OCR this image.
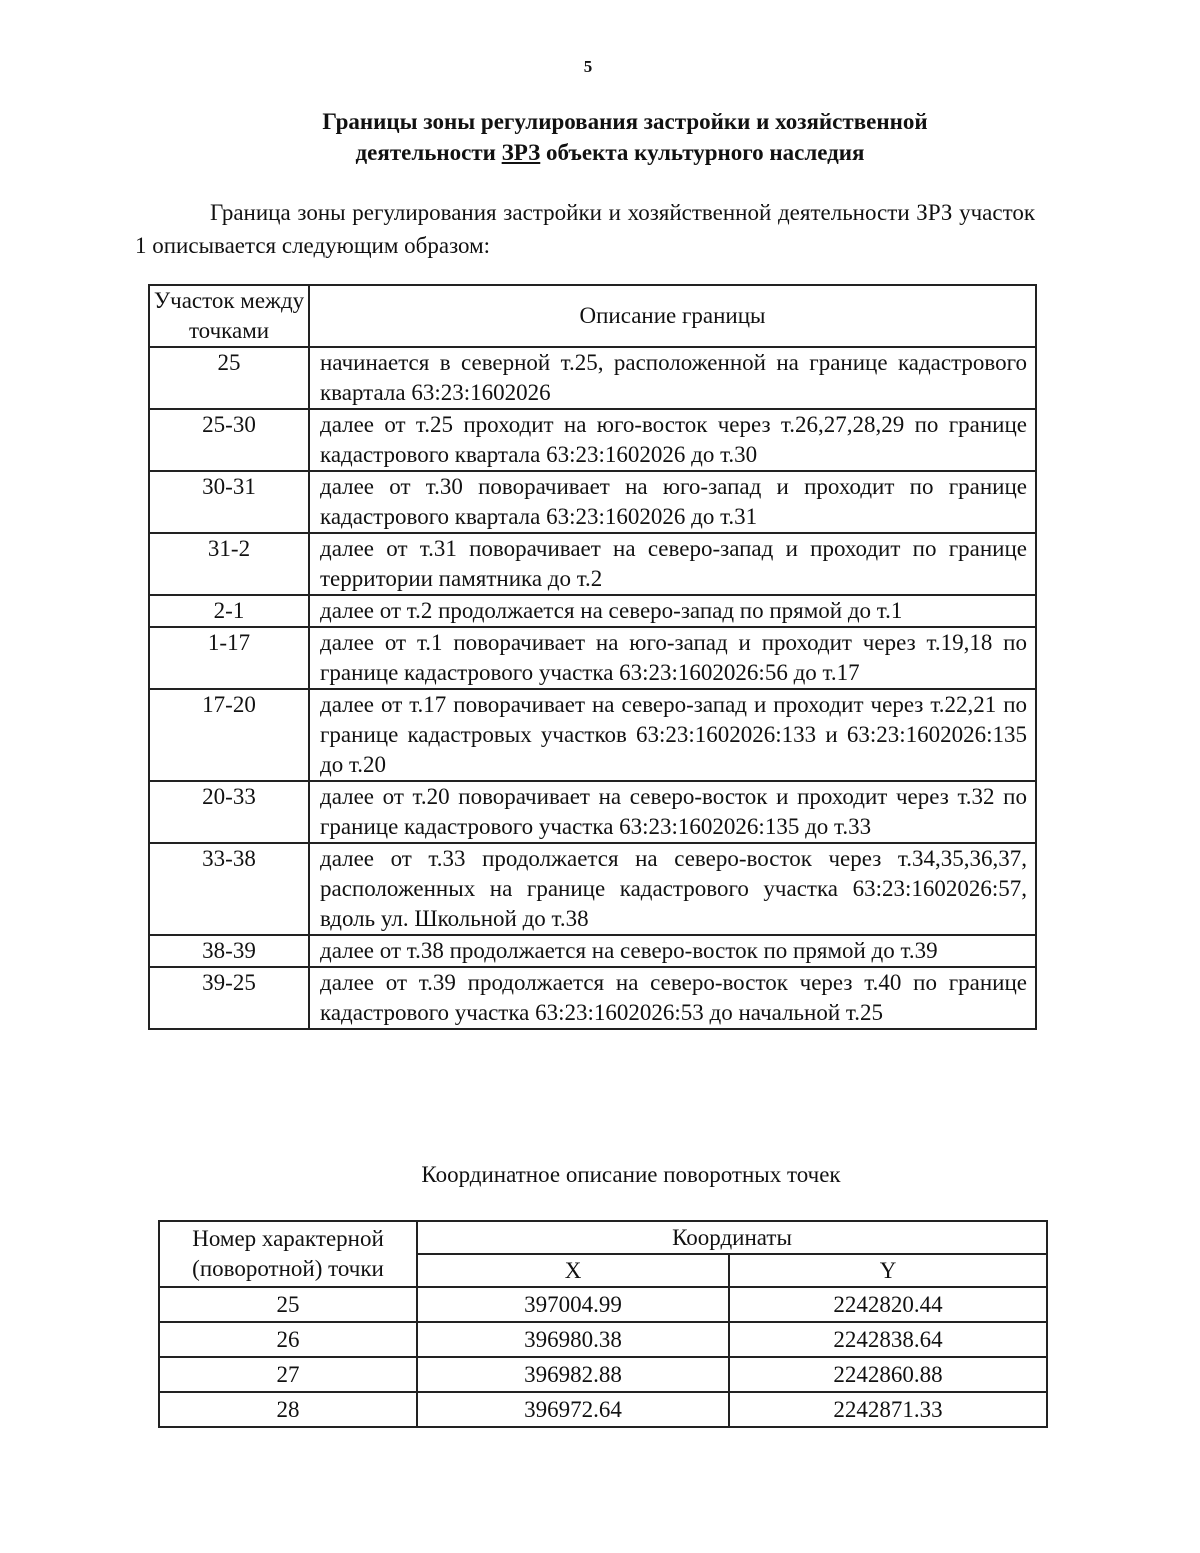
5
Границы зоны регулирования застройки и хозяйственной
деятельности ЗРЗ объекта культурного наследия
Граница зоны регулирования застройки и хозяйственной деятельности ЗРЗ участок 1 описывается следующим образом:
Участок между точками	Описание границы
25	начинается в северной т.25, расположенной на границе кадастрового квартала 63:23:1602026
25-30	далее от т.25 проходит на юго-восток через т.26,27,28,29 по границе кадастрового квартала 63:23:1602026 до т.30
30-31	далее от т.30 поворачивает на юго-запад и проходит по границе кадастрового квартала 63:23:1602026 до т.31
31-2	далее от т.31 поворачивает на северо-запад и проходит по границе территории памятника до т.2
2-1	далее от т.2 продолжается на северо-запад по прямой до т.1
1-17	далее от т.1 поворачивает на юго-запад и проходит через т.19,18 по границе кадастрового участка 63:23:1602026:56 до т.17
17-20	далее от т.17 поворачивает на северо-запад и проходит через т.22,21 по границе кадастровых участков 63:23:1602026:133 и 63:23:1602026:135 до т.20
20-33	далее от т.20 поворачивает на северо-восток и проходит через т.32 по границе кадастрового участка 63:23:1602026:135 до т.33
33-38	далее от т.33 продолжается на северо-восток через т.34,35,36,37, расположенных на границе кадастрового участка 63:23:1602026:57, вдоль ул. Школьной до т.38
38-39	далее от т.38 продолжается на северо-восток по прямой до т.39
39-25	далее от т.39 продолжается на северо-восток через т.40 по границе кадастрового участка 63:23:1602026:53 до начальной т.25
Координатное описание поворотных точек
Номер характерной (поворотной) точки	Координаты	
	X	Y
25	397004.99	2242820.44
26	396980.38	2242838.64
27	396982.88	2242860.88
28	396972.64	2242871.33
